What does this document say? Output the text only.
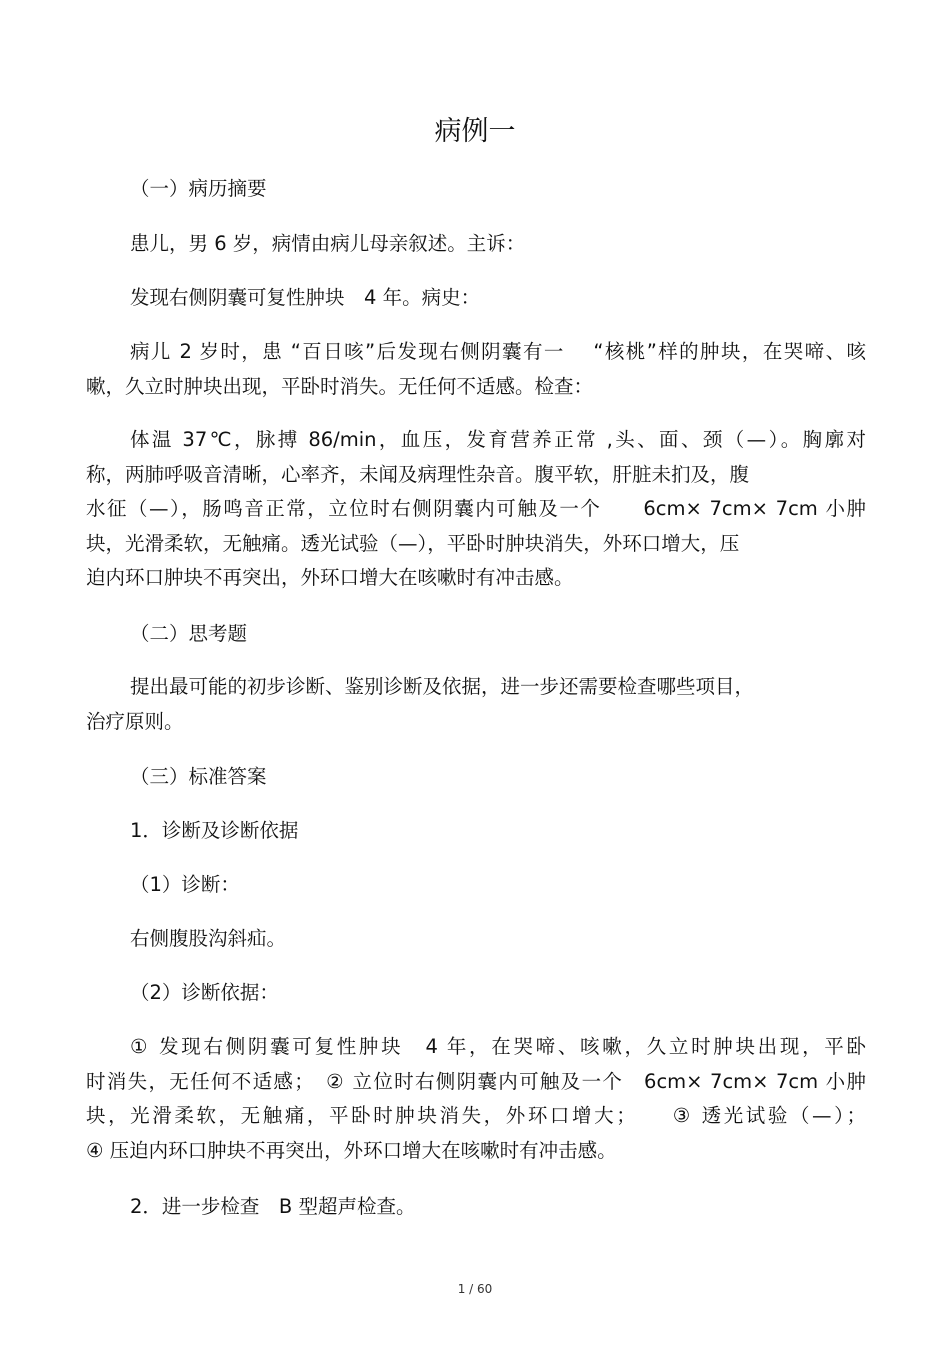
病例一
（一）病历摘要
患儿，男 6 岁，病情由病儿母亲叙述。主诉：
发现右侧阴囊可复性肿块　4 年。病史：
病儿 2 岁时，患 “百日咳”后发现右侧阴囊有一　 “核桃”样的肿块，在哭啼、咳
嗽，久立时肿块出现，平卧时消失。无任何不适感。检查：
体温 37℃，脉搏 86/min，血压，发育营养正常 ,头、面、颈（—）。胸廓对
称，两肺呼吸音清晰，心率齐，未闻及病理性杂音。腹平软，肝脏未扪及，腹
水征（—），肠鸣音正常，立位时右侧阴囊内可触及一个　　6cm× 7cm× 7cm 小肿
块，光滑柔软，无触痛。透光试验（—），平卧时肿块消失，外环口增大，压
迫内环口肿块不再突出，外环口增大在咳嗽时有冲击感。
（二）思考题
提出最可能的初步诊断、鉴别诊断及依据，进一步还需要检查哪些项目，
治疗原则。
（三）标准答案
1．诊断及诊断依据
（1）诊断：
右侧腹股沟斜疝。
（2）诊断依据：
① 发现右侧阴囊可复性肿块　4 年，在哭啼、咳嗽，久立时肿块出现，平卧
时消失，无任何不适感；　② 立位时右侧阴囊内可触及一个　6cm× 7cm× 7cm 小肿
块，光滑柔软，无触痛，平卧时肿块消失，外环口增大；　　③ 透光试验（—）；
④ 压迫内环口肿块不再突出，外环口增大在咳嗽时有冲击感。
2．进一步检查　B 型超声检查。
1 / 60
